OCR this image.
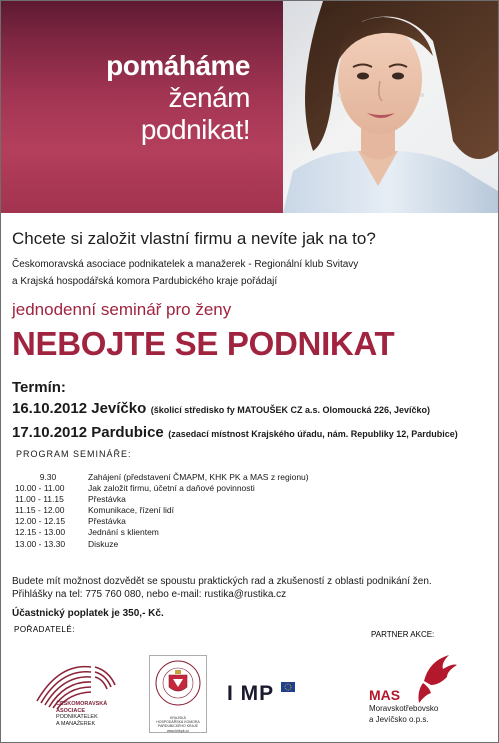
pomáháme
ženám
podnikat!
Chcete si založit vlastní firmu a nevíte jak na to?
Českomoravská asociace podnikatelek a manažerek - Regionální klub Svitavy
a Krajská hospodářská komora Pardubického kraje pořádají
jednodenní seminář pro ženy
NEBOJTE SE PODNIKAT
Termín:
16.10.2012 Jevíčko (školicí středisko fy MATOUŠEK CZ a.s. Olomoucká 226, Jevíčko)
17.10.2012 Pardubice (zasedací místnost Krajského úřadu, nám. Republiky 12, Pardubice)
PROGRAM SEMINÁŘE:
9.30	Zahájení (představení ČMAPM, KHK PK a MAS z regionu)
10.00 - 11.00	Jak založit firmu, účetní a daňové povinnosti
11.00 - 11.15	Přestávka
11.15 - 12.00	Komunikace, řízení lidí
12.00 - 12.15	Přestávka
12.15 - 13.00	Jednání s klientem
13.00 - 13.30	Diskuze
Budete mít možnost dozvědět se spoustu praktických rad a zkušeností z oblasti podnikání žen.
Přihlášky na tel: 775 760 080, nebo e-mail: rustika@rustika.cz
Účastnický poplatek je 350,- Kč.
POŘADATELÉ:
PARTNER AKCE:
ČESKOMORAVSKÁ
ASOCIACE
PODNIKATELEK
A MANAŽEREK
KRAJSKÁ
HOSPODÁŘSKÁ KOMORA
PARDUBICKÉHO KRAJE
www.khkpk.cz
I MP	MAS
Moravskotřebovsko
a Jevíčsko o.p.s.
